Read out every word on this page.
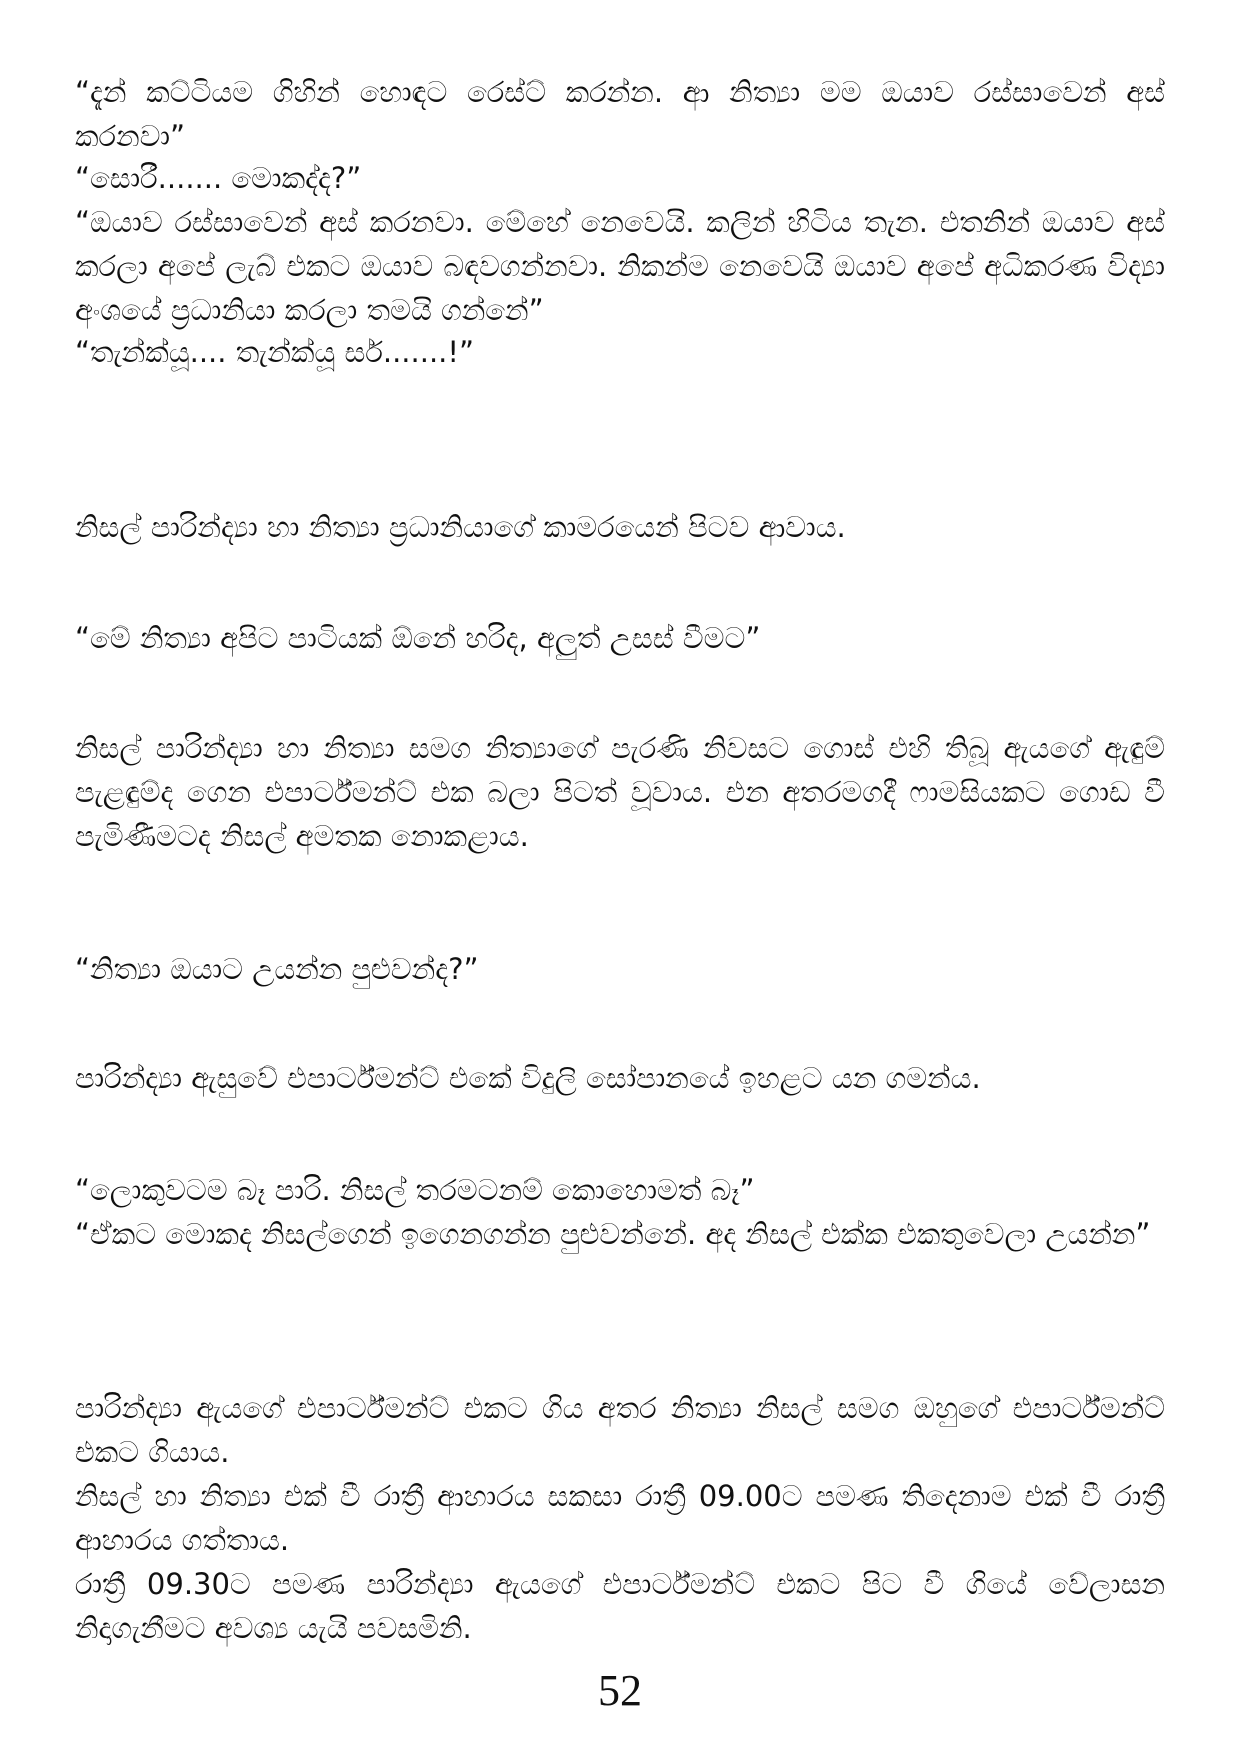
“දැන් කට්ටියම ගිහින් හොඳට රෙස්ට් කරන්න. ආ නිත්‍යා මම ඔයාව රස්සාවෙන් අස් කරනවා”
“සොරී....... මොකද්ද?”
“ඔයාව රස්සාවෙන් අස් කරනවා. මේහේ නෙවෙයි. කලින් හිටිය තැන. එතනින් ඔයාව අස් කරලා අපේ ලැබ් එකට ඔයාව බඳවගන්නවා. නිකන්ම නෙවෙයි ඔයාව අපේ අධිකරණ විද්‍යා අංශයේ ප්‍රධානියා කරලා තමයි ගන්නේ”
“තැන්ක්යූ.... තැන්ක්යූ සර්.......!”
නිසල් පාරින්ද්‍යා හා නිත්‍යා ප්‍රධානියාගේ කාමරයෙන් පිටව ආවාය.
“මේ නිත්‍යා අපිට පාටියක් ඕනේ හරිද, අලුත් උසස් වීමට”
නිසල් පාරින්ද්‍යා හා නිත්‍යා සමග නිත්‍යාගේ පැරණි නිවසට ගොස් එහි තිබූ ඇයගේ ඇඳුම් පැළඳුම්ද ගෙන එපාර්ට්මන්ට් එක බලා පිටත් වූවාය. එන අතරමගදී ෆාමසියකට ගොඩ වී පැමිණීමටද නිසල් අමතක නොකළාය.
“නිත්‍යා ඔයාට උයන්න පුළුවන්ද?”
පාරින්ද්‍යා ඇසුවේ එපාර්ට්මන්ට් එකේ විදුලි සෝපානයේ ඉහළට යන ගමන්ය.
“ලොකුවටම බෑ පාරි. නිසල් තරමටනම් කොහොමත් බෑ”
“ඒකට මොකද නිසල්ගෙන් ඉගෙනගන්න පුළුවන්නේ. අද නිසල් එක්ක එකතුවෙලා උයන්න”
පාරින්ද්‍යා ඇයගේ එපාර්ට්මන්ට් එකට ගිය අතර නිත්‍යා නිසල් සමග ඔහුගේ එපාර්ට්මන්ට් එකට ගියාය.
නිසල් හා නිත්‍යා එක් වී රාත්‍රී ආහාරය සකසා රාත්‍රී 09.00ට පමණ තිදෙනාම එක් වී රාත්‍රී ආහාරය ගත්තාය.
රාත්‍රී 09.30ට පමණ පාරින්ද්‍යා ඇයගේ එපාර්ට්මන්ට් එකට පිට වී ගියේ වේලාසන නිදාගැනීමට අවශ්‍ය යැයි පවසමිනි.
52
